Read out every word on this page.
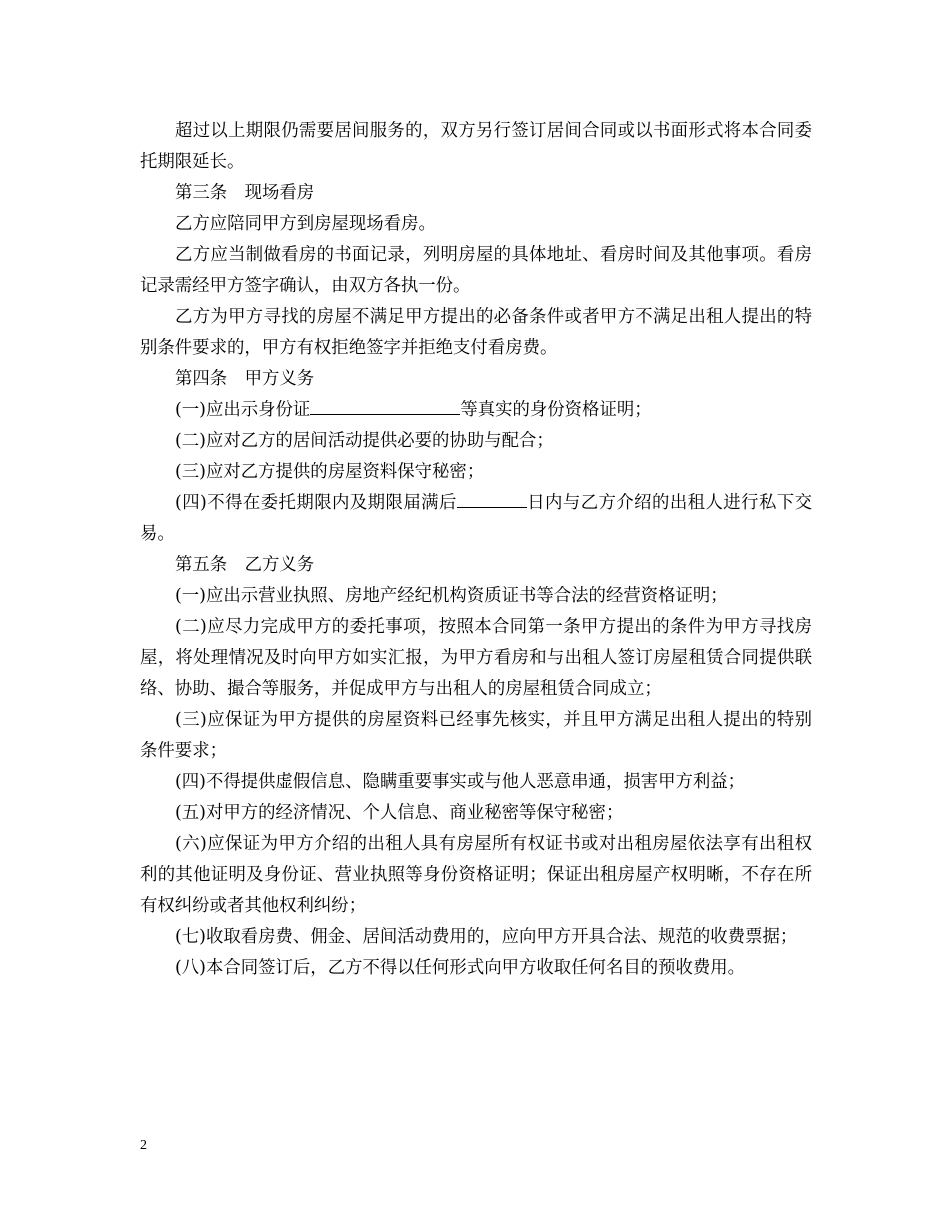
超过以上期限仍需要居间服务的，双方另行签订居间合同或以书面形式将本合同委托期限延长。

第三条　现场看房

乙方应陪同甲方到房屋现场看房。

乙方应当制做看房的书面记录，列明房屋的具体地址、看房时间及其他事项。看房记录需经甲方签字确认，由双方各执一份。

乙方为甲方寻找的房屋不满足甲方提出的必备条件或者甲方不满足出租人提出的特别条件要求的，甲方有权拒绝签字并拒绝支付看房费。

第四条　甲方义务

(一)应出示身份证	等真实的身份资格证明；

(二)应对乙方的居间活动提供必要的协助与配合；

(三)应对乙方提供的房屋资料保守秘密；

(四)不得在委托期限内及期限届满后	日内与乙方介绍的出租人进行私下交易。

第五条　乙方义务

(一)应出示营业执照、房地产经纪机构资质证书等合法的经营资格证明；

(二)应尽力完成甲方的委托事项，按照本合同第一条甲方提出的条件为甲方寻找房屋，将处理情况及时向甲方如实汇报，为甲方看房和与出租人签订房屋租赁合同提供联络、协助、撮合等服务，并促成甲方与出租人的房屋租赁合同成立；

(三)应保证为甲方提供的房屋资料已经事先核实，并且甲方满足出租人提出的特别条件要求；

(四)不得提供虚假信息、隐瞒重要事实或与他人恶意串通，损害甲方利益；

(五)对甲方的经济情况、个人信息、商业秘密等保守秘密；

(六)应保证为甲方介绍的出租人具有房屋所有权证书或对出租房屋依法享有出租权利的其他证明及身份证、营业执照等身份资格证明；保证出租房屋产权明晰，不存在所有权纠纷或者其他权利纠纷；

(七)收取看房费、佣金、居间活动费用的，应向甲方开具合法、规范的收费票据；

(八)本合同签订后，乙方不得以任何形式向甲方收取任何名目的预收费用。

2
